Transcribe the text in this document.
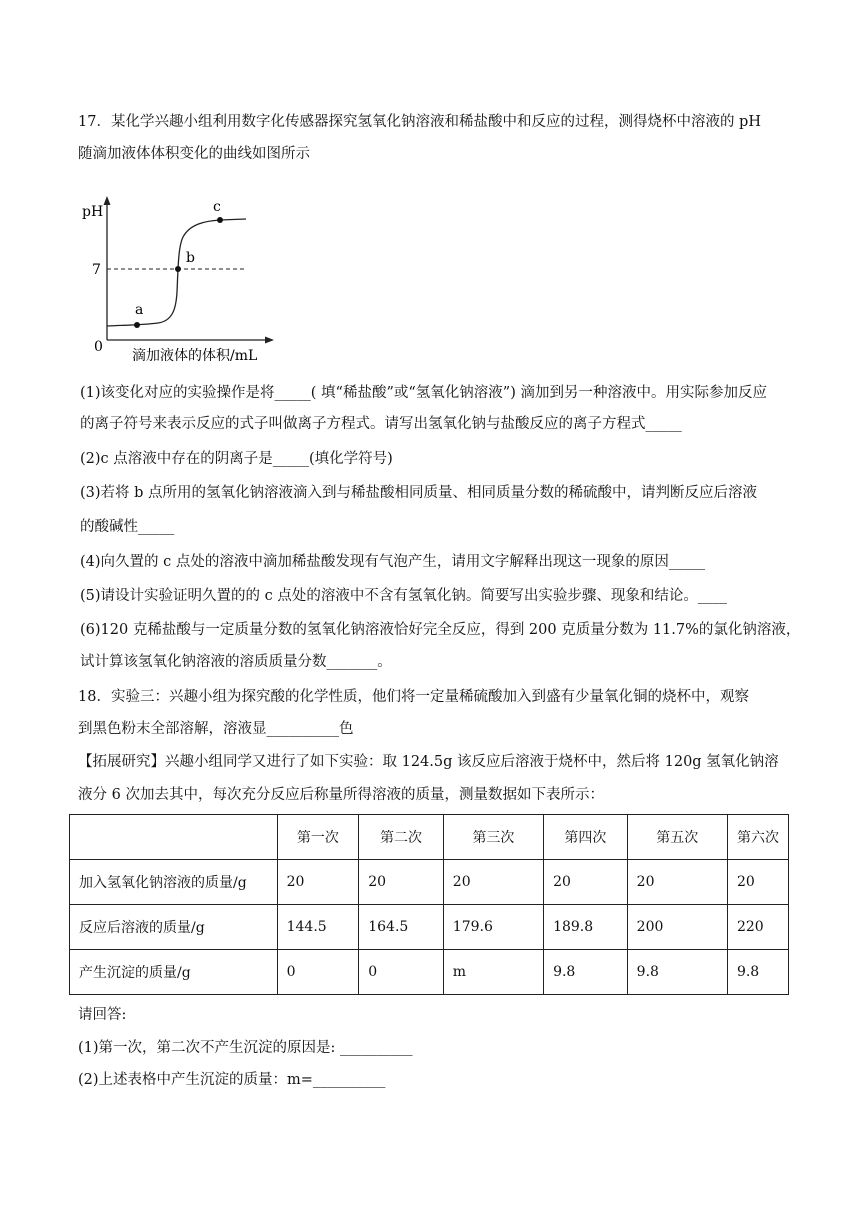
17．某化学兴趣小组利用数字化传感器探究氢氧化钠溶液和稀盐酸中和反应的过程，测得烧杯中溶液的 pH
随滴加液体体积变化的曲线如图所示
pH
7
0
a
b
c
滴加液体的体积/mL
(1)该变化对应的实验操作是将_____( 填“稀盐酸”或“氢氧化钠溶液”) 滴加到另一种溶液中。用实际参加反应
的离子符号来表示反应的式子叫做离子方程式。请写出氢氧化钠与盐酸反应的离子方程式_____
(2)c 点溶液中存在的阴离子是_____(填化学符号)
(3)若将 b 点所用的氢氧化钠溶液滴入到与稀盐酸相同质量、相同质量分数的稀硫酸中，请判断反应后溶液
的酸碱性_____
(4)向久置的 c 点处的溶液中滴加稀盐酸发现有气泡产生，请用文字解释出现这一现象的原因_____
(5)请设计实验证明久置的的 c 点处的溶液中不含有氢氧化钠。简要写出实验步骤、现象和结论。____
(6)120 克稀盐酸与一定质量分数的氢氧化钠溶液恰好完全反应，得到 200 克质量分数为 11.7%的氯化钠溶液，
试计算该氢氧化钠溶液的溶质质量分数_______。
18．实验三：兴趣小组为探究酸的化学性质，他们将一定量稀硫酸加入到盛有少量氧化铜的烧杯中，观察
到黑色粉末全部溶解，溶液显__________色
【拓展研究】兴趣小组同学又进行了如下实验：取 124.5g 该反应后溶液于烧杯中，然后将 120g 氢氧化钠溶
液分 6 次加去其中，每次充分反应后称量所得溶液的质量，测量数据如下表所示：
	第一次	第二次	第三次	第四次	第五次	第六次
加入氢氧化钠溶液的质量/g	20	20	20	20	20	20
反应后溶液的质量/g	144.5	164.5	179.6	189.8	200	220
产生沉淀的质量/g	0	0	m	9.8	9.8	9.8
请回答:
(1)第一次，第二次不产生沉淀的原因是: __________
(2)上述表格中产生沉淀的质量：m=__________
